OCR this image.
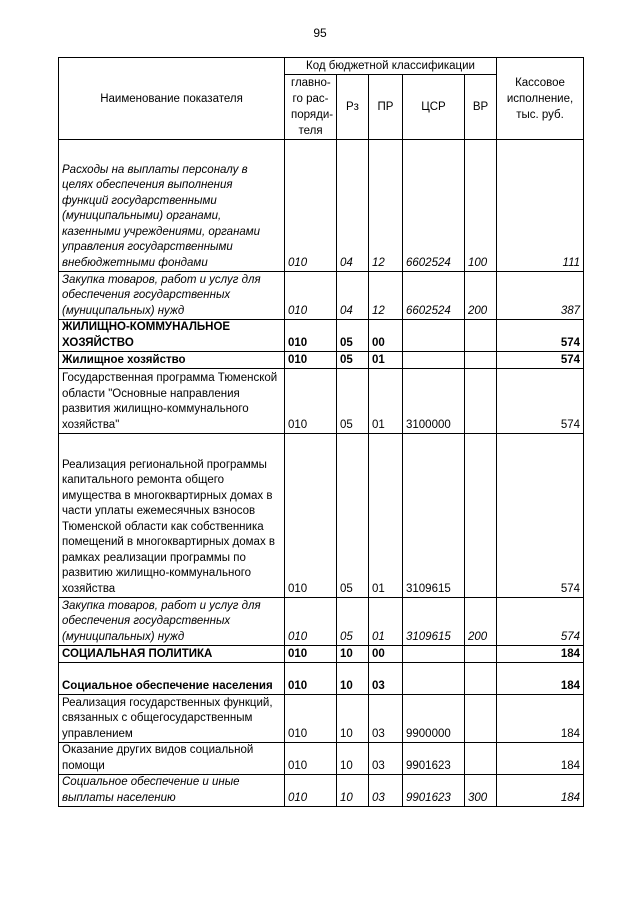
95
Наименование показателя	Код бюджетной классификации					Кассовое исполнение, тыс. руб.
	главно-го рас-поряди-теля	Рз	ПР	ЦСР	ВР	
Расходы на выплаты персоналу в целях обеспечения выполнения функций государственными (муниципальными) органами, казенными учреждениями, органами управления государственными внебюджетными фондами	010	04	12	6602524	100	111
Закупка товаров, работ и услуг для обеспечения государственных (муниципальных) нужд	010	04	12	6602524	200	387
ЖИЛИЩНО-КОММУНАЛЬНОЕ ХОЗЯЙСТВО	010	05	00			574
Жилищное хозяйство	010	05	01			574
Государственная программа Тюменской области "Основные направления развития жилищно-коммунального хозяйства"	010	05	01	3100000		574
Реализация региональной программы капитального ремонта общего имущества в многоквартирных домах в части уплаты ежемесячных взносов Тюменской области как собственника помещений в многоквартирных домах в рамках реализации программы по развитию жилищно-коммунального хозяйства	010	05	01	3109615		574
Закупка товаров, работ и услуг для обеспечения государственных (муниципальных) нужд	010	05	01	3109615	200	574
СОЦИАЛЬНАЯ ПОЛИТИКА	010	10	00			184
Социальное обеспечение населения	010	10	03			184
Реализация государственных функций, связанных с общегосударственным управлением	010	10	03	9900000		184
Оказание других видов социальной помощи	010	10	03	9901623		184
Социальное обеспечение и иные выплаты населению	010	10	03	9901623	300	184
